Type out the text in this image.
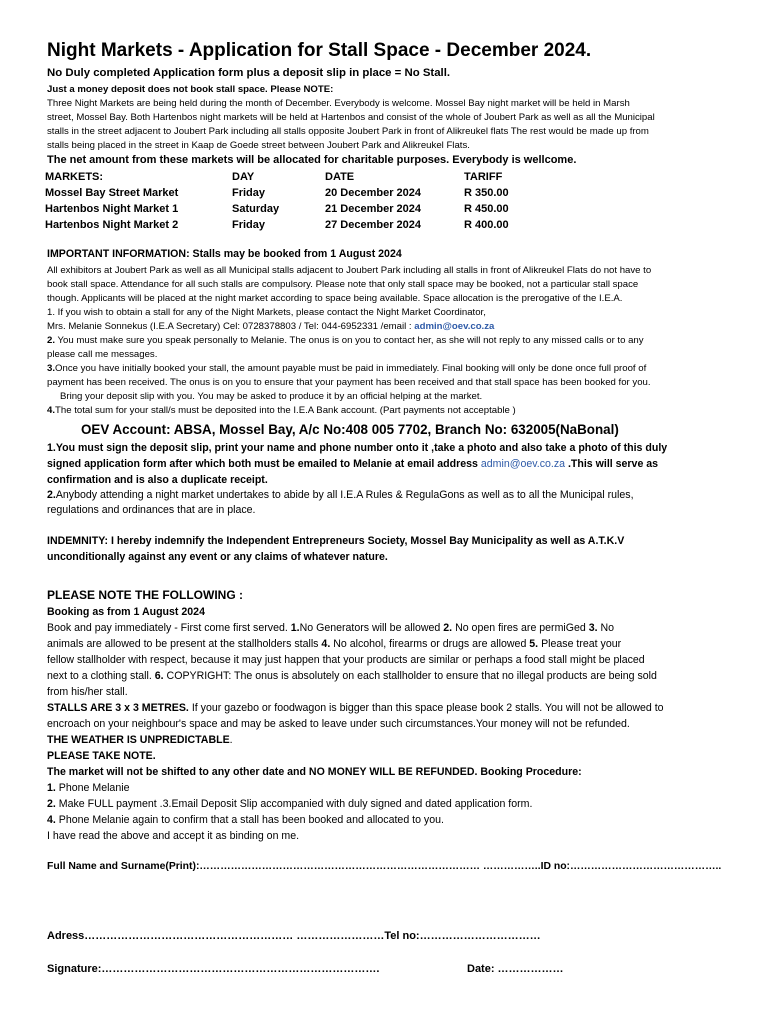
Night Markets - Application for Stall Space - December 2024.
No Duly completed Application form plus a deposit slip in place = No Stall.
Just a money deposit does not book stall space. Please NOTE:
Three Night Markets are being held during the month of December. Everybody is welcome. Mossel Bay night market will be held in Marsh
street, Mossel Bay. Both Hartenbos night markets will be held at Hartenbos and consist of the whole of Joubert Park as well as all the Municipal
stalls in the street adjacent to Joubert Park including all stalls opposite Joubert Park in front of Alikreukel flats The rest would be made up from
stalls being placed in the street in Kaap de Goede street between Joubert Park and Alikreukel Flats.
The net amount from these markets will be allocated for charitable purposes. Everybody is wellcome.
MARKETS:	DAY	DATE	TARIFF
Mossel Bay Street Market	Friday	20 December 2024	R 350.00
Hartenbos Night Market 1	Saturday	21 December 2024	R 450.00
Hartenbos Night Market 2	Friday	27 December 2024	R 400.00
IMPORTANT INFORMATION: Stalls may be booked from 1 August 2024
All exhibitors at Joubert Park as well as all Municipal stalls adjacent to Joubert Park including all stalls in front of Alikreukel Flats do not have to
book stall space. Attendance for all such stalls are compulsory. Please note that only stall space may be booked, not a particular stall space
though. Applicants will be placed at the night market according to space being available. Space allocation is the prerogative of the I.E.A.
1. If you wish to obtain a stall for any of the Night Markets, please contact the Night Market Coordinator,
Mrs. Melanie Sonnekus (I.E.A Secretary) Cel: 0728378803 / Tel: 044-6952331 /email : admin@oev.co.za
2. You must make sure you speak personally to Melanie. The onus is on you to contact her, as she will not reply to any missed calls or to any
please call me messages.
3.Once you have initially booked your stall, the amount payable must be paid in immediately. Final booking will only be done once full proof of
payment has been received. The onus is on you to ensure that your payment has been received and that stall space has been booked for you.
Bring your deposit slip with you. You may be asked to produce it by an official helping at the market.
4.The total sum for your stall/s must be deposited into the I.E.A Bank account. (Part payments not acceptable )
OEV Account: ABSA, Mossel Bay, A/c No:408 005 7702, Branch No: 632005(NaBonal)
1.You must sign the deposit slip, print your name and phone number onto it ,take a photo and also take a photo of this duly
signed application form after which both must be emailed to Melanie at email address admin@oev.co.za .This will serve as
confirmation and is also a duplicate receipt.
2.Anybody attending a night market undertakes to abide by all I.E.A Rules & RegulaGons as well as to all the Municipal rules,
regulations and ordinances that are in place.
INDEMNITY: I hereby indemnify the Independent Entrepreneurs Society, Mossel Bay Municipality as well as A.T.K.V
unconditionally against any event or any claims of whatever nature.
PLEASE NOTE THE FOLLOWING :
Booking as from 1 August 2024
Book and pay immediately - First come first served. 1.No Generators will be allowed 2. No open fires are permiGed 3. No
animals are allowed to be present at the stallholders stalls 4. No alcohol, firearms or drugs are allowed 5. Please treat your
fellow stallholder with respect, because it may just happen that your products are similar or perhaps a food stall might be placed
next to a clothing stall. 6. COPYRIGHT: The onus is absolutely on each stallholder to ensure that no illegal products are being sold
from his/her stall.
STALLS ARE 3 x 3 METRES. If your gazebo or foodwagon is bigger than this space please book 2 stalls. You will not be allowed to
encroach on your neighbour's space and may be asked to leave under such circumstances.Your money will not be refunded.
THE WEATHER IS UNPREDICTABLE.
PLEASE TAKE NOTE.
The market will not be shifted to any other date and NO MONEY WILL BE REFUNDED. Booking Procedure:
1. Phone Melanie
2. Make FULL payment .3.Email Deposit Slip accompanied with duly signed and dated application form.
4. Phone Melanie again to confirm that a stall has been booked and allocated to you.
I have read the above and accept it as binding on me.
Full Name and Surname(Print):……………………………………………………………………… ……………..ID no:……………………………………..
Adress………………………………………………… ……………………Tel no:……………………………
Signature:………………………………………………………………….	Date: ………………
